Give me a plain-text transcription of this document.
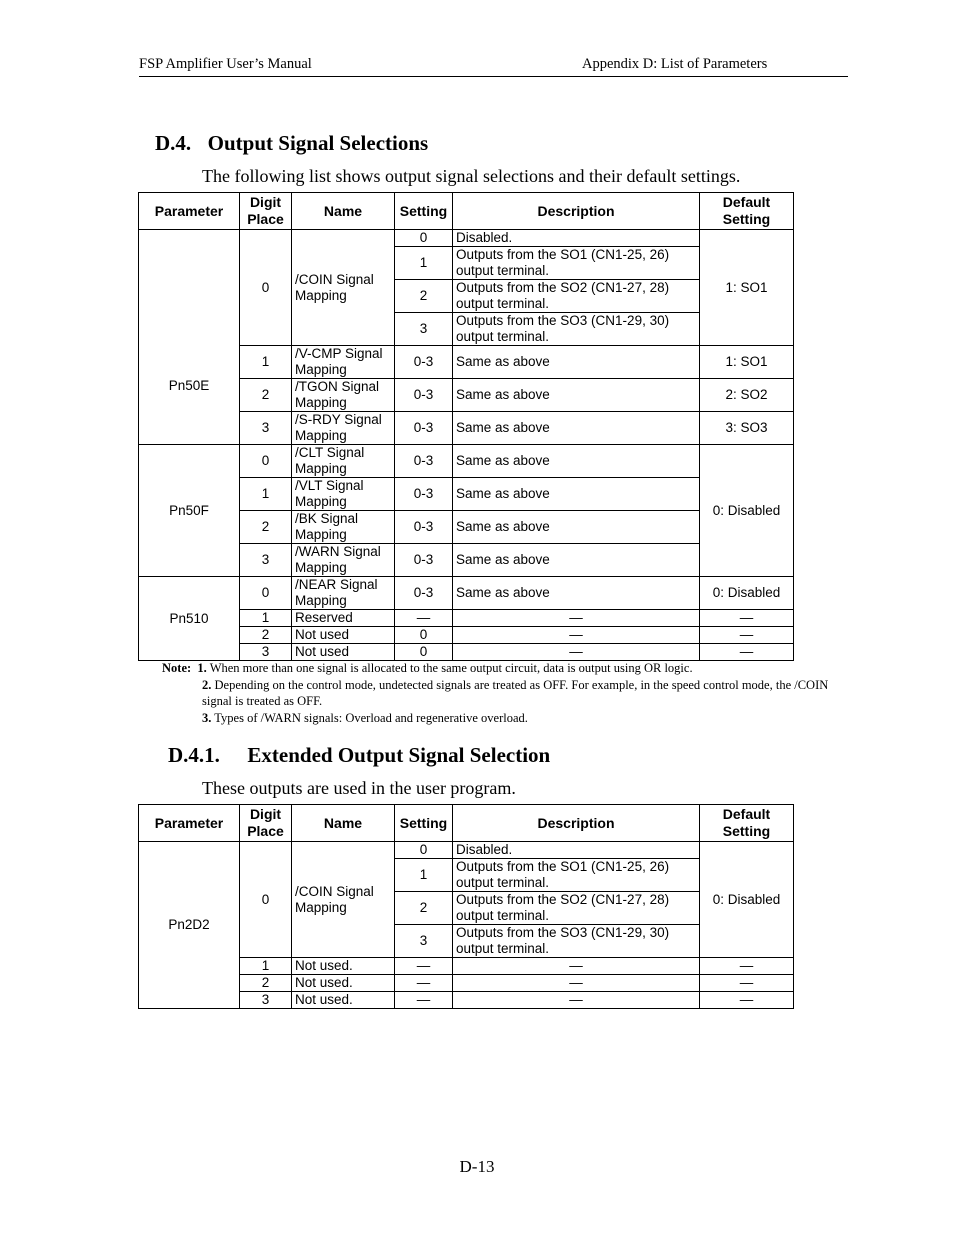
FSP Amplifier User’s Manual	Appendix D: List of Parameters
D.4. Output Signal Selections
The following list shows output signal selections and their default settings.
Parameter	Digit
Place	Name	Setting	Description	Default
Setting
Pn50E	0	/COIN Signal Mapping	0	Disabled.	1: SO1
			1	Outputs from the SO1 (CN1-25, 26) output terminal.	
			2	Outputs from the SO2 (CN1-27, 28) output terminal.	
			3	Outputs from the SO3 (CN1-29, 30) output terminal.	
	1	/V-CMP Signal Mapping	0-3	Same as above	1: SO1
	2	/TGON Signal Mapping	0-3	Same as above	2: SO2
	3	/S-RDY Signal Mapping	0-3	Same as above	3: SO3
Pn50F	0	/CLT Signal Mapping	0-3	Same as above	0: Disabled
	1	/VLT Signal Mapping	0-3	Same as above	
	2	/BK Signal Mapping	0-3	Same as above	
	3	/WARN Signal Mapping	0-3	Same as above	
Pn510	0	/NEAR Signal Mapping	0-3	Same as above	0: Disabled
	1	Reserved	—	—	—
	2	Not used	0	—	—
	3	Not used	0	—	—
Note: 1. When more than one signal is allocated to the same output circuit, data is output using OR logic.
2. Depending on the control mode, undetected signals are treated as OFF. For example, in the speed control mode, the /COIN signal is treated as OFF.
3. Types of /WARN signals: Overload and regenerative overload.
D.4.1. Extended Output Signal Selection
These outputs are used in the user program.
Parameter	Digit
Place	Name	Setting	Description	Default
Setting
Pn2D2	0	/COIN Signal Mapping	0	Disabled.	0: Disabled
			1	Outputs from the SO1 (CN1-25, 26) output terminal.	
			2	Outputs from the SO2 (CN1-27, 28) output terminal.	
			3	Outputs from the SO3 (CN1-29, 30) output terminal.	
	1	Not used.	—	—	—
	2	Not used.	—	—	—
	3	Not used.	—	—	—
D-13
